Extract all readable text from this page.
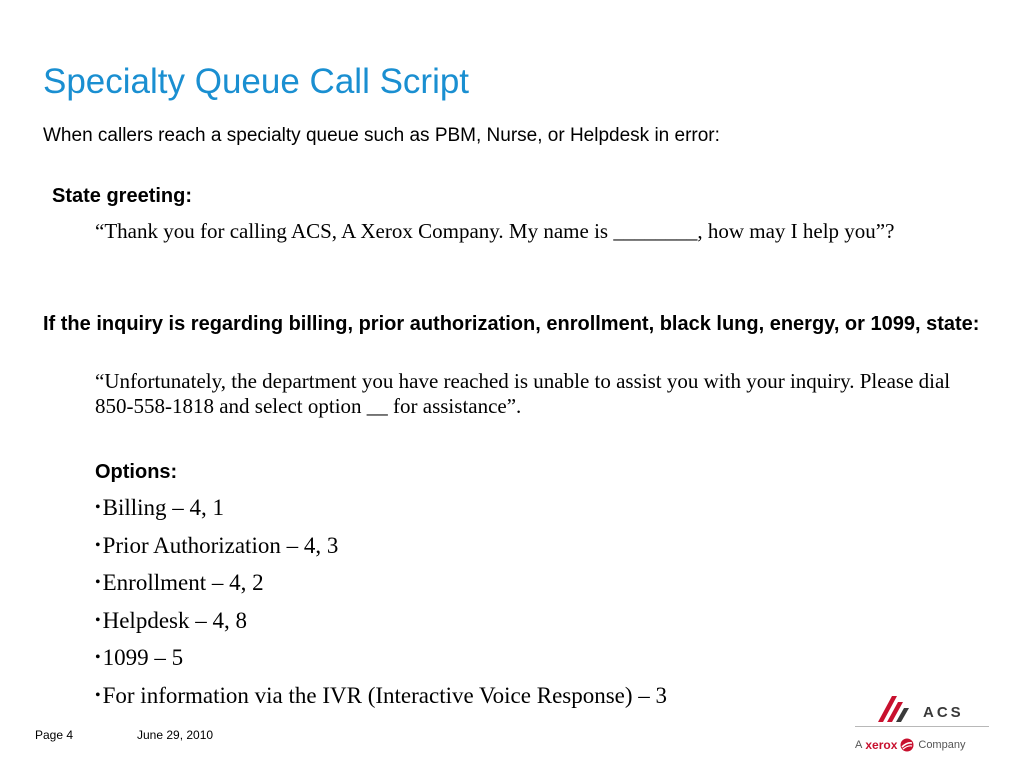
Specialty Queue Call Script
When callers reach a specialty queue such as PBM, Nurse, or Helpdesk in error:
State greeting:
“Thank you for calling ACS, A Xerox Company. My name is ________, how may I help you”?
If the inquiry is regarding billing, prior authorization, enrollment, black lung, energy, or 1099, state:
“Unfortunately, the department you have reached is unable to assist you with your inquiry. Please dial 850-558-1818 and select option __ for assistance”.
Options:
• Billing – 4, 1
• Prior Authorization – 4, 3
• Enrollment – 4, 2
• Helpdesk – 4, 8
• 1099 – 5
• For information via the IVR (Interactive Voice Response) – 3
Page 4	June 29, 2010
ACS
A xerox Company
